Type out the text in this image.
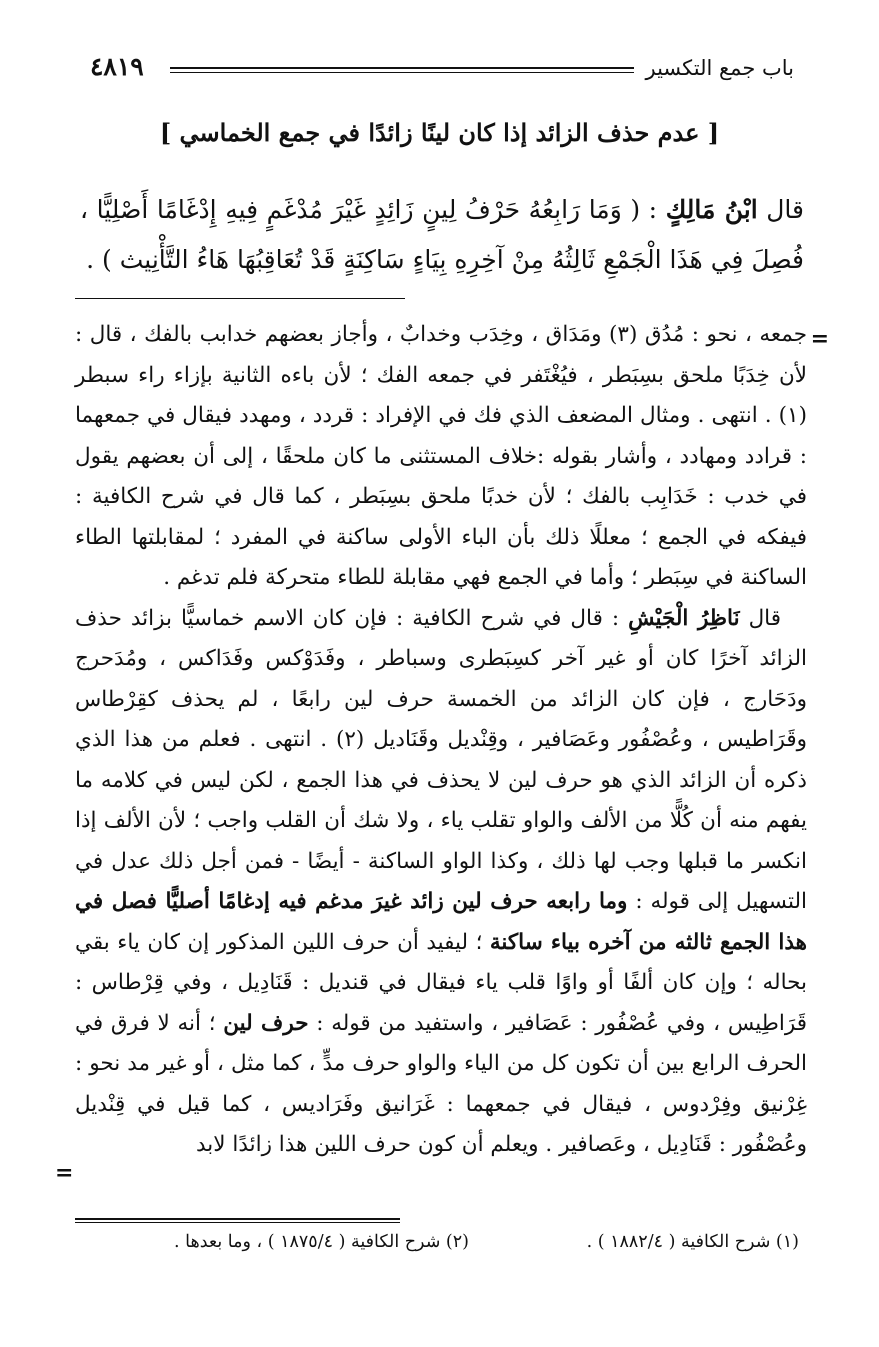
باب جمع التكسير
٤٨١٩
[ عدم حذف الزائد إذا كان لينًا زائدًا في جمع الخماسي ]
قال ابْنُ مَالِكٍ : ( وَمَا رَابِعُهُ حَرْفُ لِينٍ زَائِدٍ غَيْرَ مُدْغَمٍ فِيهِ إِدْغَامًا أَصْلِيًّا ، فُصِلَ فِي هَذَا الْجَمْعِ ثَالِثُهُ مِنْ آخِرِهِ بِيَاءٍ سَاكِنَةٍ قَدْ تُعَاقِبُهَا هَاءُ التَّأْنِيث ) .
=

جمعه ، نحو : مُدُق (٣) ومَدَاق ، وخِدَب وخدابٌ ، وأجاز بعضهم خدابب بالفك ، قال : لأن خِدَبًا ملحق بسِبَطر ، فيُغْتَفر في جمعه الفك ؛ لأن باءه الثانية بإزاء راء سبطر (١) . انتهى . ومثال المضعف الذي فك في الإفراد : قردد ، ومهدد فيقال في جمعهما : قرادد ومهادد ، وأشار بقوله :خلاف المستثنى ما كان ملحقًا ، إلى أن بعضهم يقول في خدب : خَدَابِب بالفك ؛ لأن خدبًا ملحق بسِبَطر ، كما قال في شرح الكافية : فيفكه في الجمع ؛ معللًا ذلك بأن الباء الأولى ساكنة في المفرد ؛ لمقابلتها الطاء الساكنة في سِبَطر ؛ وأما في الجمع فهي مقابلة للطاء متحركة فلم تدغم .

قال نَاظِرُ الْجَيْشِ : قال في شرح الكافية : فإن كان الاسم خماسيًّا بزائد حذف الزائد آخرًا كان أو غير آخر كسِبَطرى وسباطر ، وفَدَوْكس وفَدَاكس ، ومُدَحرج ودَحَارج ، فإن كان الزائد من الخمسة حرف لين رابعًا ، لم يحذف كقِرْطاس وقَرَاطيس ، وعُصْفُور وعَصَافير ، وقِنْديل وقَنَاديل (٢) . انتهى . فعلم من هذا الذي ذكره أن الزائد الذي هو حرف لين لا يحذف في هذا الجمع ، لكن ليس في كلامه ما يفهم منه أن كُلًّا من الألف والواو تقلب ياء ، ولا شك أن القلب واجب ؛ لأن الألف إذا انكسر ما قبلها وجب لها ذلك ، وكذا الواو الساكنة - أيضًا - فمن أجل ذلك عدل في التسهيل إلى قوله : وما رابعه حرف لين زائد غيرَ مدغم فيه إدغامًا أصليًّا فصل في هذا الجمع ثالثه من آخره بياء ساكنة ؛ ليفيد أن حرف اللين المذكور إن كان ياء بقي بحاله ؛ وإن كان ألفًا أو واوًا قلب ياء فيقال في قنديل : قَنَادِيل ، وفي قِرْطاس : قَرَاطِيس ، وفي عُصْفُور : عَصَافير ، واستفيد من قوله : حرف لين ؛ أنه لا فرق في الحرف الرابع بين أن تكون كل من الياء والواو حرف مدٍّ ، كما مثل ، أو غير مد نحو : غِرْنيق وفِرْدوس ، فيقال في جمعهما : غَرَانيق وفَرَاديس ، كما قيل في قِنْديل وعُصْفُور : قَنَادِيل ، وعَصافير . ويعلم أن كون حرف اللين هذا زائدًا لابد

=
(١) شرح الكافية ( ١٨٨٢/٤ ) .
(٢) شرح الكافية ( ١٨٧٥/٤ ) ، وما بعدها .
